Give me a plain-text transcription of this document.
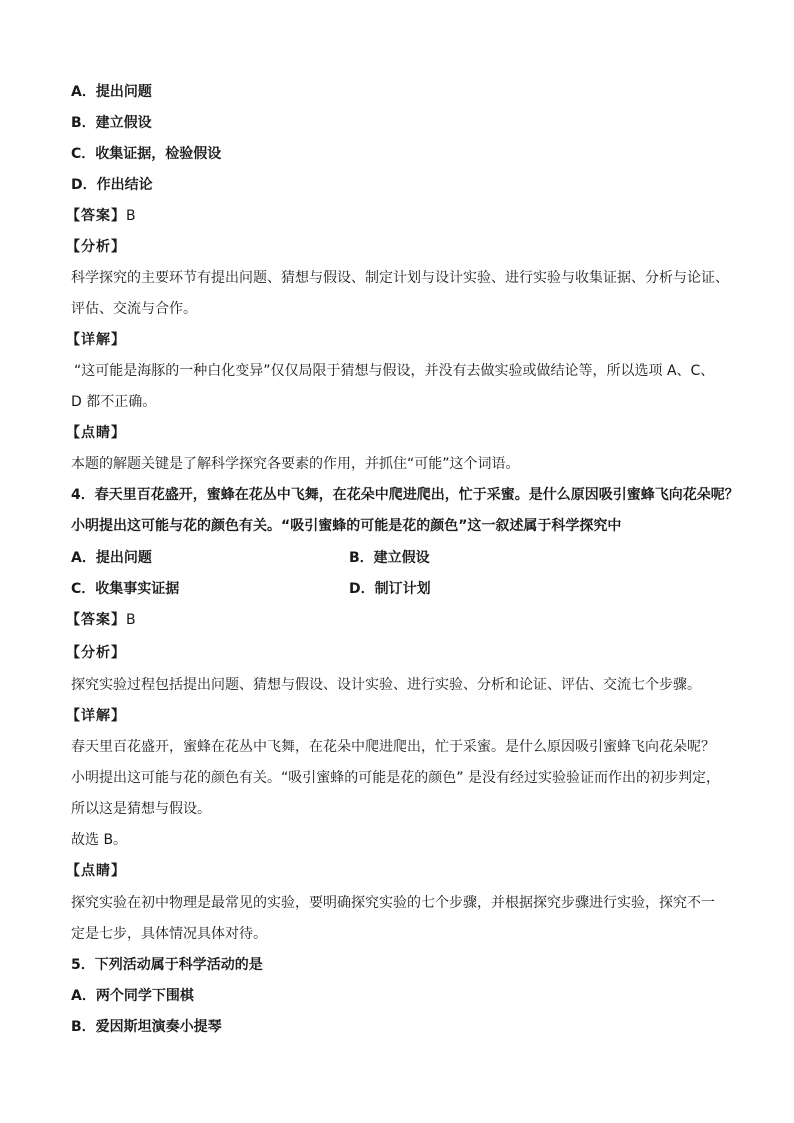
A．提出问题
B．建立假设
C．收集证据，检验假设
D．作出结论
【答案】B
【分析】
科学探究的主要环节有提出问题、猜想与假设、制定计划与设计实验、进行实验与收集证据、分析与论证、
评估、交流与合作。
【详解】
“这可能是海豚的一种白化变异”仅仅局限于猜想与假设，并没有去做实验或做结论等，所以选项 A、C、
D 都不正确。
【点睛】
本题的解题关键是了解科学探究各要素的作用，并抓住“可能”这个词语。
4．春天里百花盛开，蜜蜂在花丛中飞舞，在花朵中爬进爬出，忙于采蜜。是什么原因吸引蜜蜂飞向花朵呢？
小明提出这可能与花的颜色有关。“吸引蜜蜂的可能是花的颜色”这一叙述属于科学探究中
A．提出问题	B．建立假设
C．收集事实证据	D．制订计划
【答案】B
【分析】
探究实验过程包括提出问题、猜想与假设、设计实验、进行实验、分析和论证、评估、交流七个步骤。
【详解】
春天里百花盛开，蜜蜂在花丛中飞舞，在花朵中爬进爬出，忙于采蜜。是什么原因吸引蜜蜂飞向花朵呢？
小明提出这可能与花的颜色有关。“吸引蜜蜂的可能是花的颜色” 是没有经过实验验证而作出的初步判定，
所以这是猜想与假设。
故选 B。
【点睛】
探究实验在初中物理是最常见的实验，要明确探究实验的七个步骤，并根据探究步骤进行实验，探究不一
定是七步，具体情况具体对待。
5．下列活动属于科学活动的是
A．两个同学下围棋
B．爱因斯坦演奏小提琴
